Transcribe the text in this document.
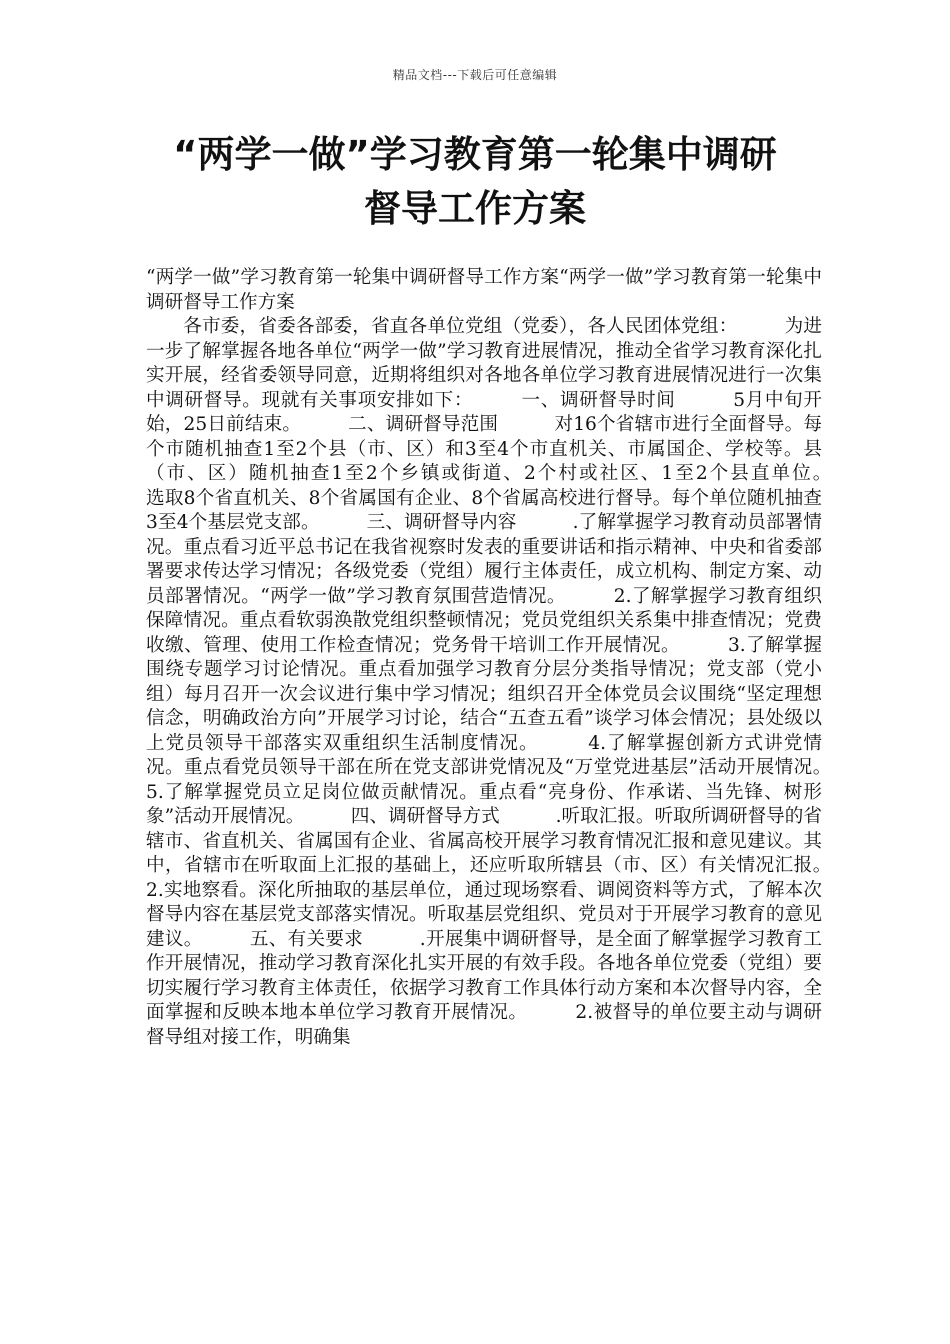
精品文档---下载后可任意编辑
“两学一做”学习教育第一轮集中调研
督导工作方案

“两学一做”学习教育第一轮集中调研督导工作方案“两学一做”学习教育第一轮集中调研督导工作方案

各市委，省委各部委，省直各单位党组（党委），各人民团体党组：　　　为进一步了解掌握各地各单位“两学一做”学习教育进展情况，推动全省学习教育深化扎实开展，经省委领导同意，近期将组织对各地各单位学习教育进展情况进行一次集中调研督导。现就有关事项安排如下：　　　一、调研督导时间　　　5月中旬开始，25日前结束。　　　二、调研督导范围　　　对16个省辖市进行全面督导。每个市随机抽查1至2个县（市、区）和3至4个市直机关、市属国企、学校等。县（市、区）随机抽查1至2个乡镇或街道、2个村或社区、1至2个县直单位。　　　选取8个省直机关、8个省属国有企业、8个省属高校进行督导。每个单位随机抽查3至4个基层党支部。　　　三、调研督导内容　　　.了解掌握学习教育动员部署情况。重点看习近平总书记在我省视察时发表的重要讲话和指示精神、中央和省委部署要求传达学习情况；各级党委（党组）履行主体责任，成立机构、制定方案、动员部署情况。“两学一做”学习教育氛围营造情况。　　　2.了解掌握学习教育组织保障情况。重点看软弱涣散党组织整顿情况；党员党组织关系集中排查情况；党费收缴、管理、使用工作检查情况；党务骨干培训工作开展情况。　　　3.了解掌握围绕专题学习讨论情况。重点看加强学习教育分层分类指导情况；党支部（党小组）每月召开一次会议进行集中学习情况；组织召开全体党员会议围绕“坚定理想信念，明确政治方向”开展学习讨论，结合“五查五看”谈学习体会情况；县处级以上党员领导干部落实双重组织生活制度情况。　　　4.了解掌握创新方式讲党情况。重点看党员领导干部在所在党支部讲党情况及“万堂党进基层”活动开展情况。　　　5.了解掌握党员立足岗位做贡献情况。重点看“亮身份、作承诺、当先锋、树形象”活动开展情况。　　　四、调研督导方式　　　.听取汇报。听取所调研督导的省辖市、省直机关、省属国有企业、省属高校开展学习教育情况汇报和意见建议。其中，省辖市在听取面上汇报的基础上，还应听取所辖县（市、区）有关情况汇报。　　　2.实地察看。深化所抽取的基层单位，通过现场察看、调阅资料等方式，了解本次督导内容在基层党支部落实情况。听取基层党组织、党员对于开展学习教育的意见建议。　　　五、有关要求　　　.开展集中调研督导，是全面了解掌握学习教育工作开展情况，推动学习教育深化扎实开展的有效手段。各地各单位党委（党组）要切实履行学习教育主体责任，依据学习教育工作具体行动方案和本次督导内容，全面掌握和反映本地本单位学习教育开展情况。　　　2.被督导的单位要主动与调研督导组对接工作，明确集
